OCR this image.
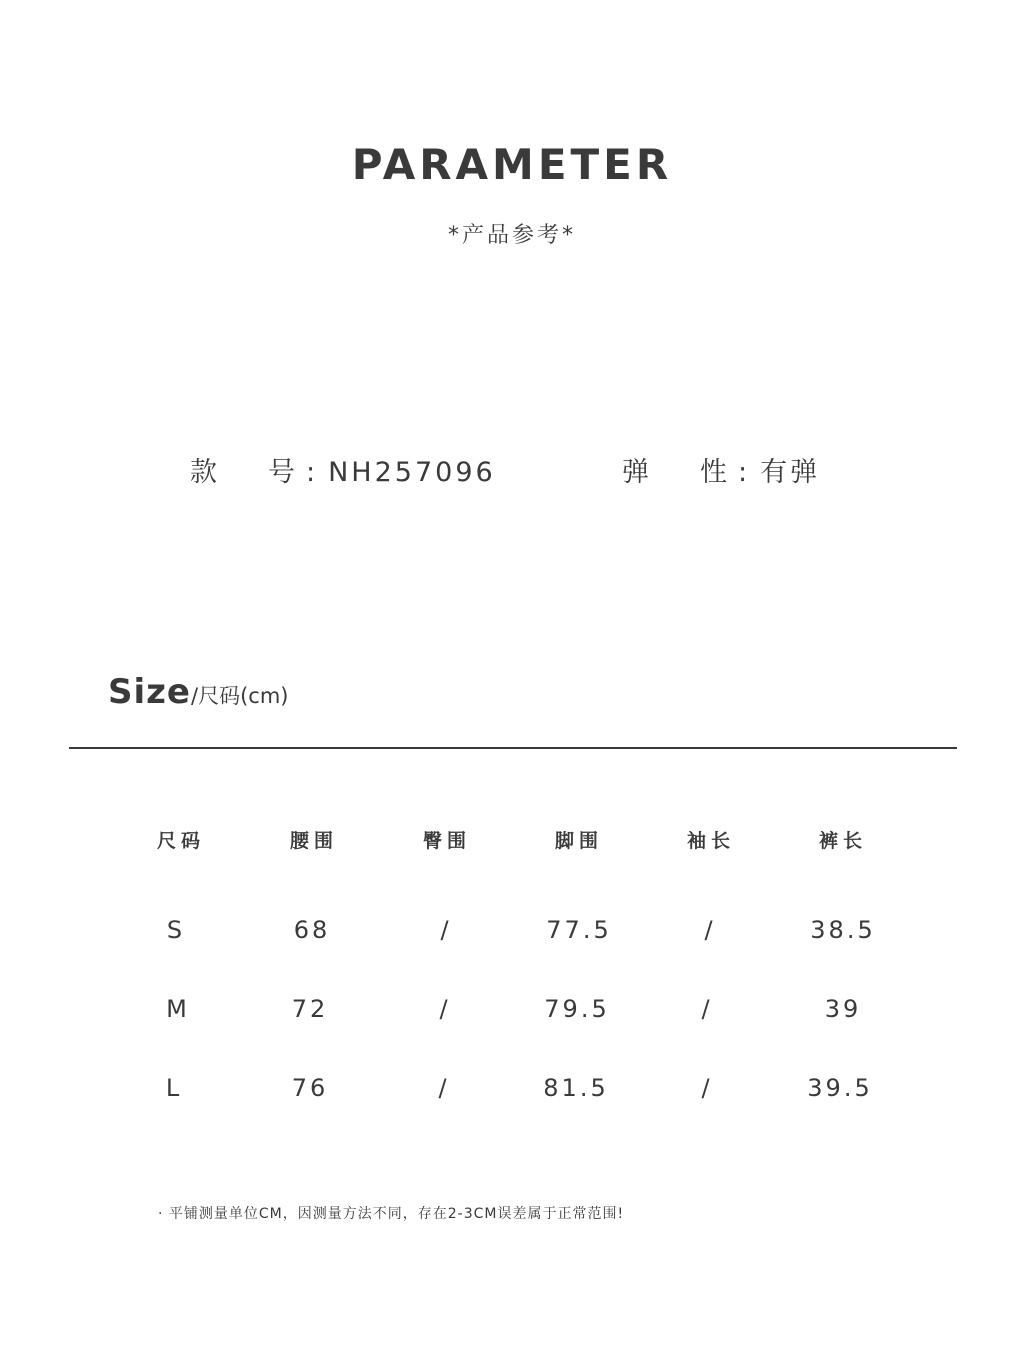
PARAMETER
*产品参考*
款 号 : NH257096	弹 性 : 有弹
Size/尺码(cm)
尺码	腰围	臀围	脚围	袖长	裤长
S	68	/	77.5	/	38.5
M	72	/	79.5	/	39
L	76	/	81.5	/	39.5
· 平铺测量单位CM，因测量方法不同，存在2-3CM误差属于正常范围!
